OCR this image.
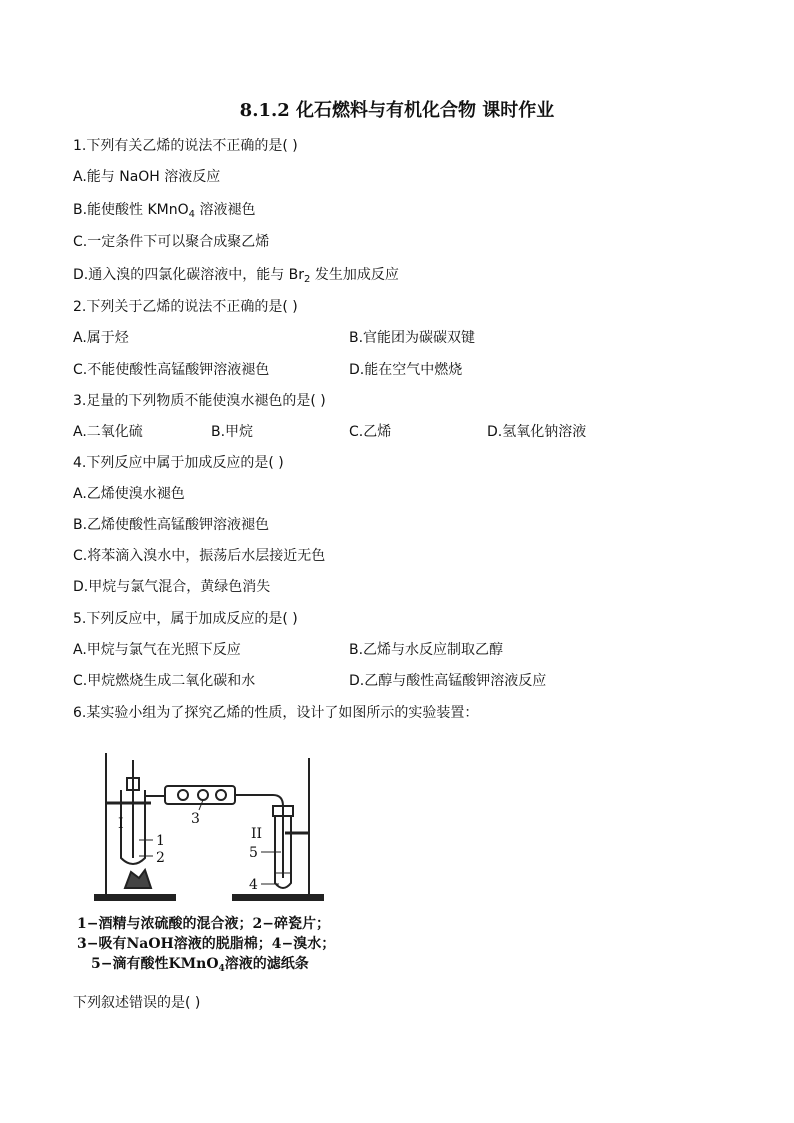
8.1.2 化石燃料与有机化合物 课时作业
1.下列有关乙烯的说法不正确的是( )
A.能与 NaOH 溶液反应
B.能使酸性 KMnO$_4$ 溶液褪色
C.一定条件下可以聚合成聚乙烯
D.通入溴的四氯化碳溶液中，能与 $Br_2$ 发生加成反应
2.下列关于乙烯的说法不正确的是( )
A.属于烃	B.官能团为碳碳双键
C.不能使酸性高锰酸钾溶液褪色	D.能在空气中燃烧
3.足量的下列物质不能使溴水褪色的是( )
A.二氧化硫	B.甲烷	C.乙烯	D.氢氧化钠溶液
4.下列反应中属于加成反应的是( )
A.乙烯使溴水褪色
B.乙烯使酸性高锰酸钾溶液褪色
C.将苯滴入溴水中，振荡后水层接近无色
D.甲烷与氯气混合，黄绿色消失
5.下列反应中，属于加成反应的是( )
A.甲烷与氯气在光照下反应	B.乙烯与水反应制取乙醇
C.甲烷燃烧生成二氧化碳和水	D.乙醇与酸性高锰酸钾溶液反应
6.某实验小组为了探究乙烯的性质，设计了如图所示的实验装置：
I
II
1
2
3
4
5
1−酒精与浓硫酸的混合液；2−碎瓷片；
3−吸有NaOH溶液的脱脂棉；4−溴水；
5−滴有酸性KMnO$_4$溶液的滤纸条
下列叙述错误的是( )
